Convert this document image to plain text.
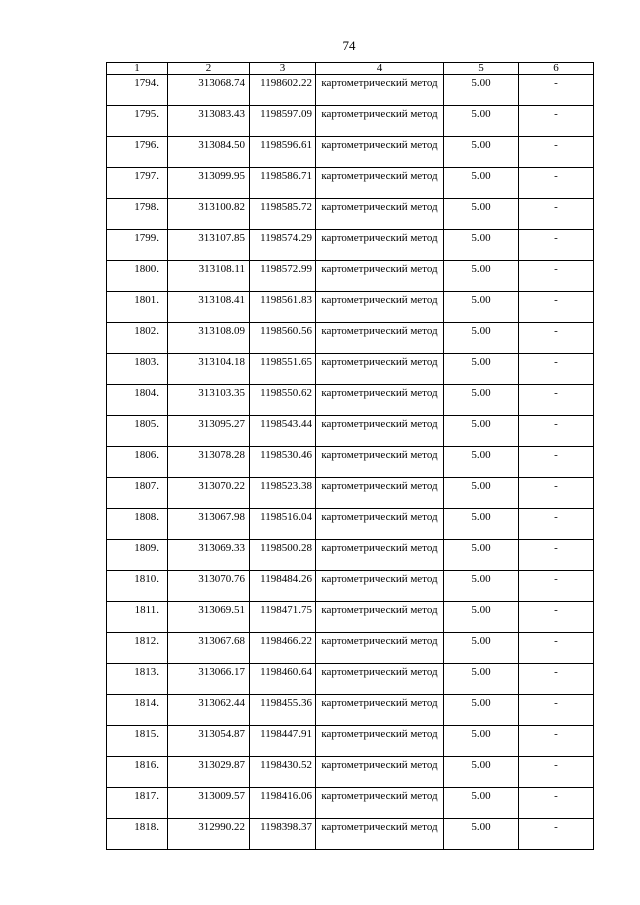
74
1	2	3	4	5	6
1794.	313068.74	1198602.22	картометрический метод	5.00	-
1795.	313083.43	1198597.09	картометрический метод	5.00	-
1796.	313084.50	1198596.61	картометрический метод	5.00	-
1797.	313099.95	1198586.71	картометрический метод	5.00	-
1798.	313100.82	1198585.72	картометрический метод	5.00	-
1799.	313107.85	1198574.29	картометрический метод	5.00	-
1800.	313108.11	1198572.99	картометрический метод	5.00	-
1801.	313108.41	1198561.83	картометрический метод	5.00	-
1802.	313108.09	1198560.56	картометрический метод	5.00	-
1803.	313104.18	1198551.65	картометрический метод	5.00	-
1804.	313103.35	1198550.62	картометрический метод	5.00	-
1805.	313095.27	1198543.44	картометрический метод	5.00	-
1806.	313078.28	1198530.46	картометрический метод	5.00	-
1807.	313070.22	1198523.38	картометрический метод	5.00	-
1808.	313067.98	1198516.04	картометрический метод	5.00	-
1809.	313069.33	1198500.28	картометрический метод	5.00	-
1810.	313070.76	1198484.26	картометрический метод	5.00	-
1811.	313069.51	1198471.75	картометрический метод	5.00	-
1812.	313067.68	1198466.22	картометрический метод	5.00	-
1813.	313066.17	1198460.64	картометрический метод	5.00	-
1814.	313062.44	1198455.36	картометрический метод	5.00	-
1815.	313054.87	1198447.91	картометрический метод	5.00	-
1816.	313029.87	1198430.52	картометрический метод	5.00	-
1817.	313009.57	1198416.06	картометрический метод	5.00	-
1818.	312990.22	1198398.37	картометрический метод	5.00	-
